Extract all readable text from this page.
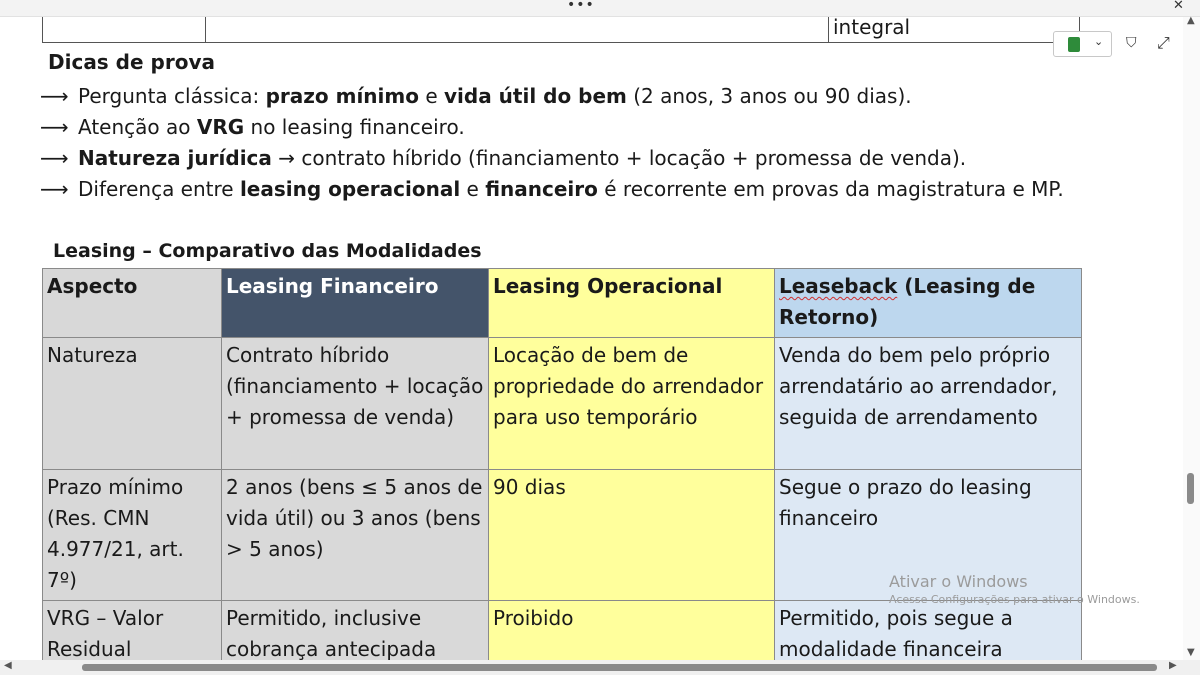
•••	✕
integral
Dicas de prova
⟶ Pergunta clássica: prazo mínimo e vida útil do bem (2 anos, 3 anos ou 90 dias).
⟶ Atenção ao VRG no leasing financeiro.
⟶ Natureza jurídica → contrato híbrido (financiamento + locação + promessa de venda).
⟶ Diferença entre leasing operacional e financeiro é recorrente em provas da magistratura e MP.
Leasing – Comparativo das Modalidades
Aspecto	Leasing Financeiro	Leasing Operacional	Leaseback (Leasing de Retorno)
Natureza	Contrato híbrido (financiamento + locação + promessa de venda)	Locação de bem de propriedade do arrendador para uso temporário	Venda do bem pelo próprio arrendatário ao arrendador, seguida de arrendamento
Prazo mínimo (Res. CMN 4.977/21, art. 7º)	2 anos (bens ≤ 5 anos de vida útil) ou 3 anos (bens > 5 anos)	90 dias	Segue o prazo do leasing financeiro
VRG – Valor Residual	Permitido, inclusive cobrança antecipada	Proibido	Permitido, pois segue a modalidade financeira
Ativar o Windows
Acesse Configurações para ativar o Windows.
⌄ ⛉ ⤢
▲
▼
◀	▶
